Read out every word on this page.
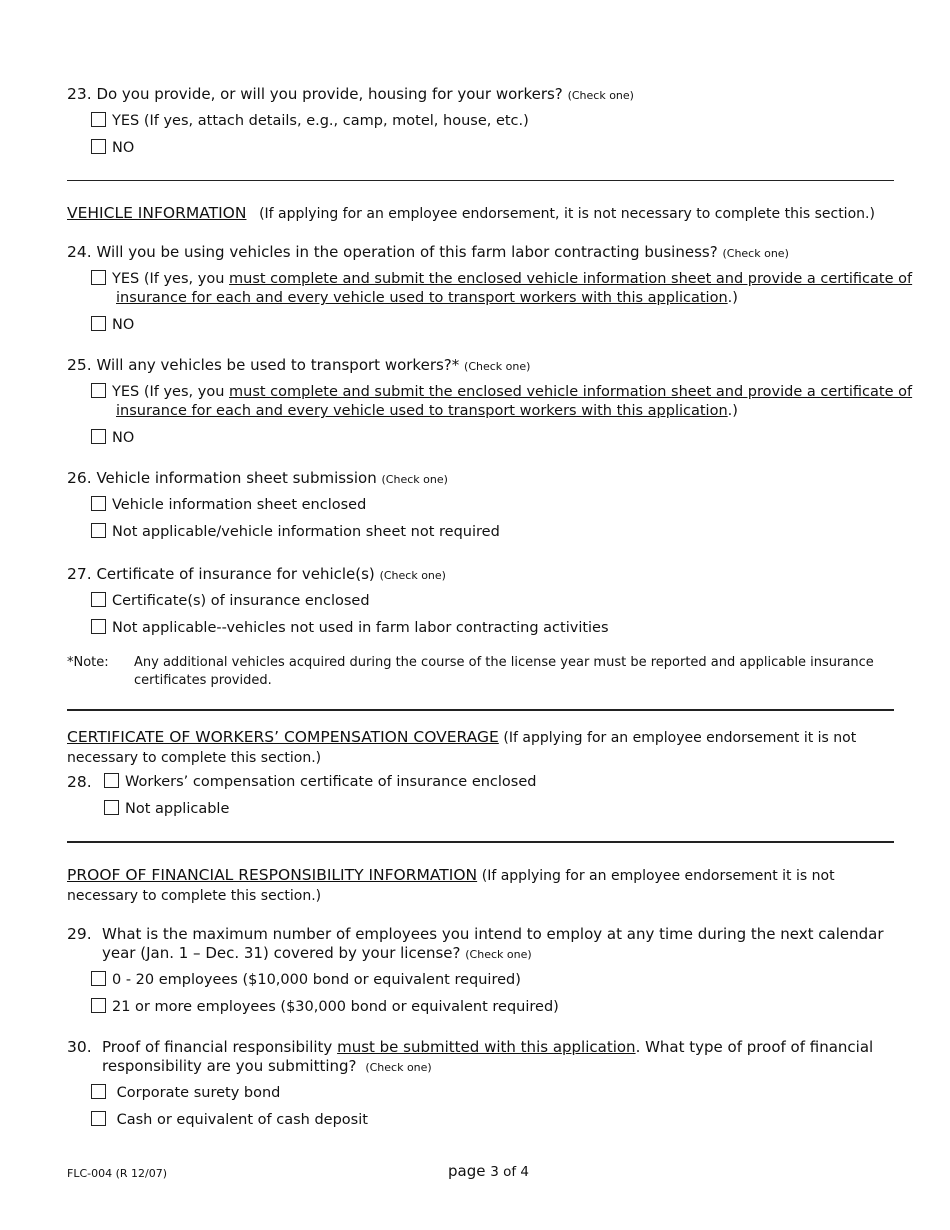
23. Do you provide, or will you provide, housing for your workers? (Check one)
YES (If yes, attach details, e.g., camp, motel, house, etc.)
NO
VEHICLE INFORMATION (If applying for an employee endorsement, it is not necessary to complete this section.)
24. Will you be using vehicles in the operation of this farm labor contracting business? (Check one)
YES (If yes, you must complete and submit the enclosed vehicle information sheet and provide a certificate of insurance for each and every vehicle used to transport workers with this application.)
NO
25. Will any vehicles be used to transport workers?* (Check one)
YES (If yes, you must complete and submit the enclosed vehicle information sheet and provide a certificate of insurance for each and every vehicle used to transport workers with this application.)
NO
26. Vehicle information sheet submission (Check one)
Vehicle information sheet enclosed
Not applicable/vehicle information sheet not required
27. Certificate of insurance for vehicle(s) (Check one)
Certificate(s) of insurance enclosed
Not applicable--vehicles not used in farm labor contracting activities
*Note: Any additional vehicles acquired during the course of the license year must be reported and applicable insurance certificates provided.
CERTIFICATE OF WORKERS’ COMPENSATION COVERAGE (If applying for an employee endorsement it is not necessary to complete this section.)
28.	Workers’ compensation certificate of insurance enclosed
Not applicable
PROOF OF FINANCIAL RESPONSIBILITY INFORMATION (If applying for an employee endorsement it is not necessary to complete this section.)
29. What is the maximum number of employees you intend to employ at any time during the next calendar year (Jan. 1 – Dec. 31) covered by your license? (Check one)
0 - 20 employees ($10,000 bond or equivalent required)
21 or more employees ($30,000 bond or equivalent required)
30. Proof of financial responsibility must be submitted with this application. What type of proof of financial responsibility are you submitting? (Check one)
Corporate surety bond
Cash or equivalent of cash deposit
FLC-004 (R 12/07)	page 3 of 4
